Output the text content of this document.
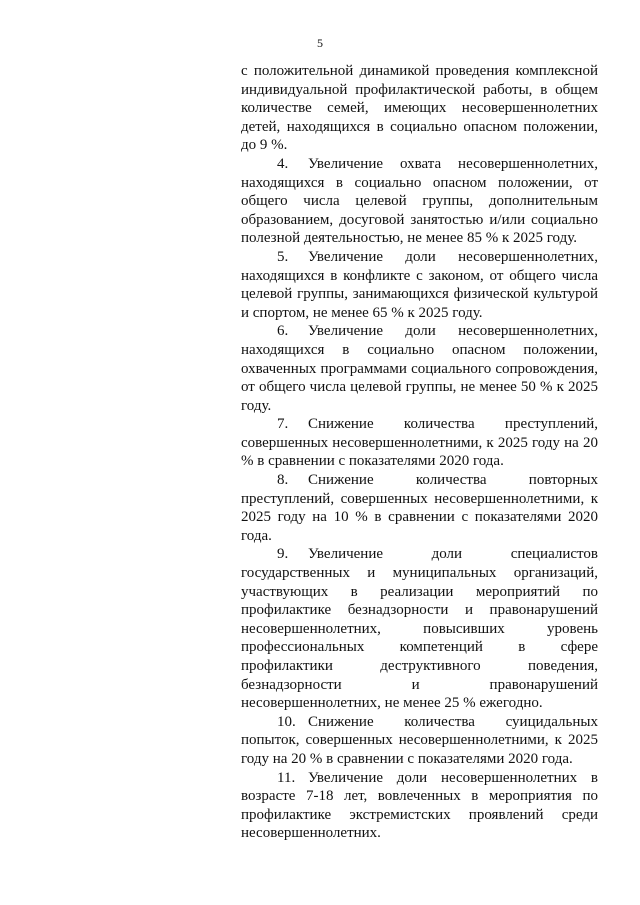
5

с положительной динамикой проведения комплексной индивидуальной профилактической работы, в общем количестве семей, имеющих несовершеннолетних детей, находящихся в социально опасном положении, до 9 %.

4. Увеличение охвата несовершеннолетних, находящихся в социально опасном положении, от общего числа целевой группы, дополнительным образованием, досуговой занятостью и/или социально полезной деятельностью, не менее 85 % к 2025 году.

5. Увеличение доли несовершеннолетних, находящихся в конфликте с законом, от общего числа целевой группы, занимающихся физической культурой и спортом, не менее 65 % к 2025 году.

6. Увеличение доли несовершеннолетних, находящихся в социально опасном положении, охваченных программами социального сопровождения, от общего числа целевой группы, не менее 50 % к 2025 году.

7. Снижение количества преступлений, совершенных несовершеннолетними, к 2025 году на 20 % в сравнении с показателями 2020 года.

8. Снижение количества повторных преступлений, совершенных несовершеннолетними, к 2025 году на 10 % в сравнении с показателями 2020 года.

9. Увеличение доли специалистов государственных и муниципальных организаций, участвующих в реализации мероприятий по профилактике безнадзорности и правонарушений несовершеннолетних, повысивших уровень профессиональных компетенций в сфере профилактики деструктивного поведения, безнадзорности и правонарушений несовершеннолетних, не менее 25 % ежегодно.

10. Снижение количества суицидальных попыток, совершенных несовершеннолетними, к 2025 году на 20 % в сравнении с показателями 2020 года.

11. Увеличение доли несовершеннолетних в возрасте 7-18 лет, вовлеченных в мероприятия по профилактике экстремистских проявлений среди несовершеннолетних.
